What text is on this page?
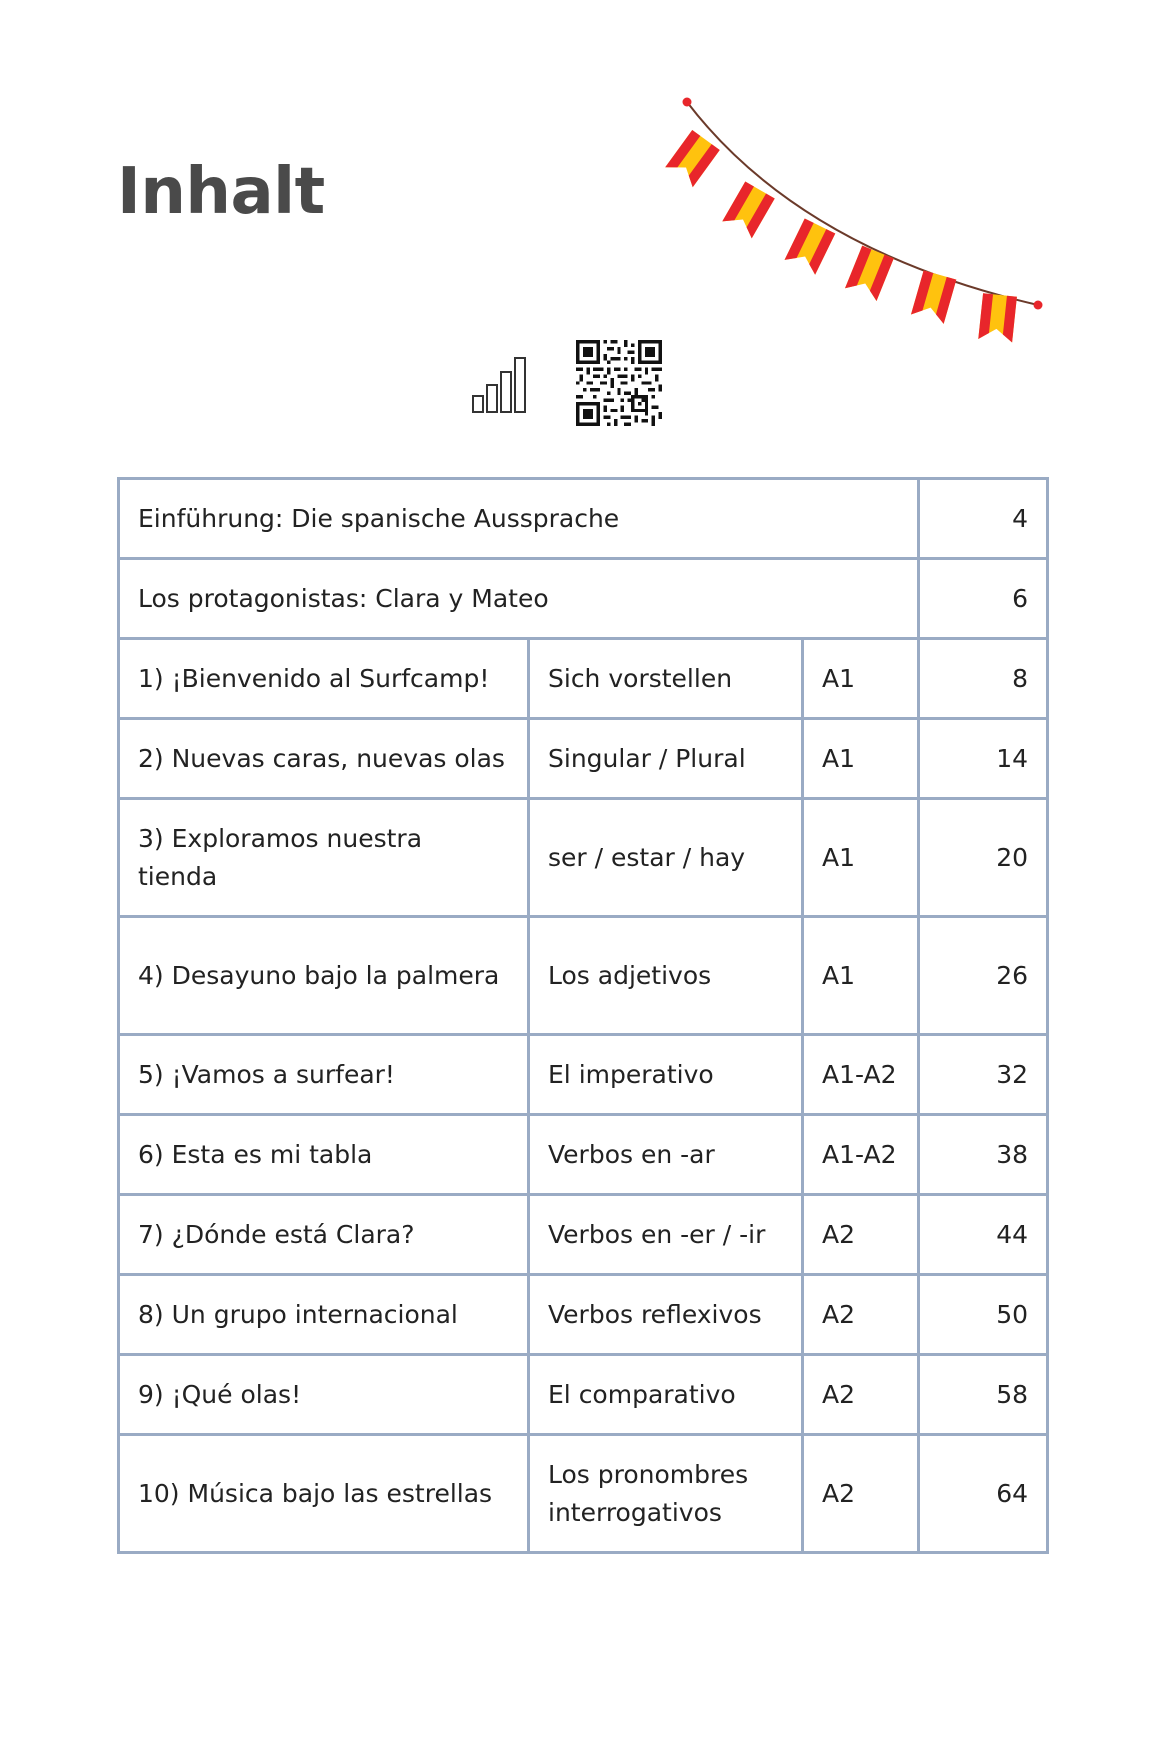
Inhalt
Einführung: Die spanische Aussprache			4
Los protagonistas: Clara y Mateo			6
1) ¡Bienvenido al Surfcamp!	Sich vorstellen	A1	8
2) Nuevas caras, nuevas olas	Singular / Plural	A1	14
3) Exploramos nuestra tienda	ser / estar / hay	A1	20
4) Desayuno bajo la palmera	Los adjetivos	A1	26
5) ¡Vamos a surfear!	El imperativo	A1-A2	32
6) Esta es mi tabla	Verbos en -ar	A1-A2	38
7) ¿Dónde está Clara?	Verbos en -er / -ir	A2	44
8) Un grupo internacional	Verbos reflexivos	A2	50
9) ¡Qué olas!	El comparativo	A2	58
10) Música bajo las estrellas	Los pronombres interrogativos	A2	64
